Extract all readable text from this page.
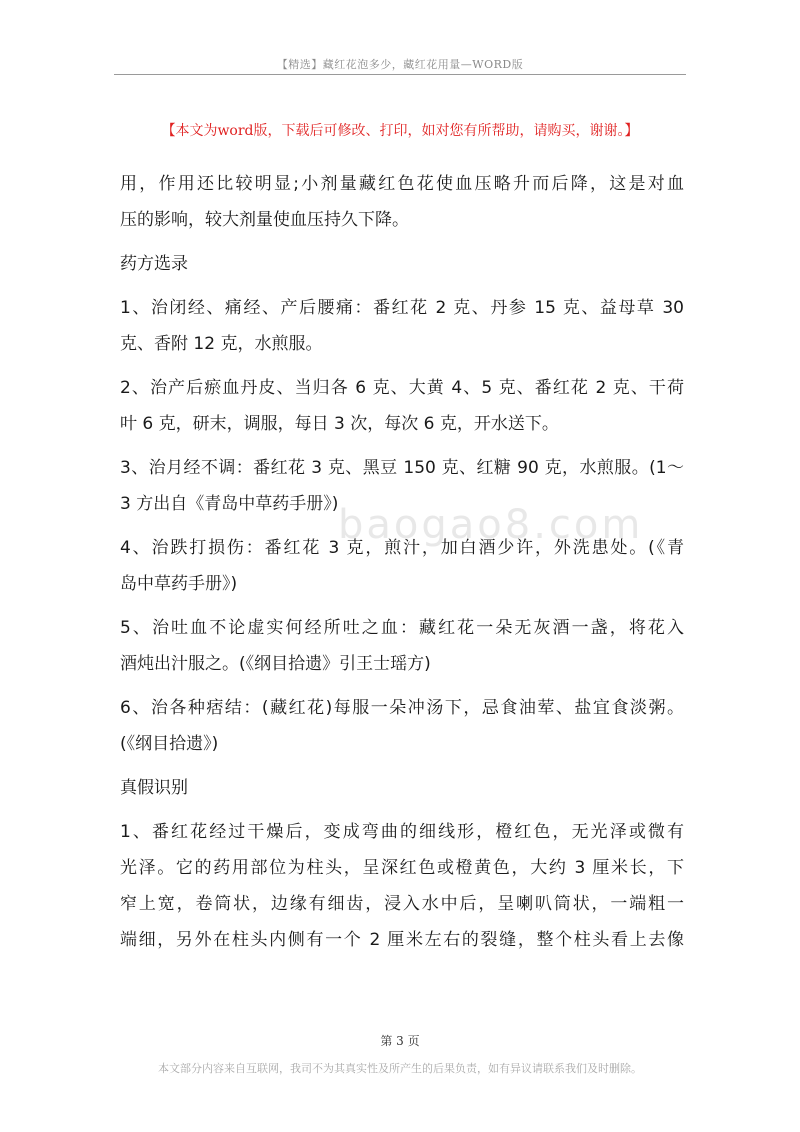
【精选】藏红花泡多少，藏红花用量—WORD版
【本文为word版，下载后可修改、打印，如对您有所帮助，请购买，谢谢。】
baogao8.com

用，作用还比较明显;小剂量藏红色花使血压略升而后降，这是对血

压的影响，较大剂量使血压持久下降。

药方选录

1、治闭经、痛经、产后腰痛：番红花 2 克、丹参 15 克、益母草 30

克、香附 12 克，水煎服。

2、治产后瘀血丹皮、当归各 6 克、大黄 4、5 克、番红花 2 克、干荷

叶 6 克，研末，调服，每日 3 次，每次 6 克，开水送下。

3、治月经不调：番红花 3 克、黑豆 150 克、红糖 90 克，水煎服。(1～

3 方出自《青岛中草药手册》)

4、治跌打损伤：番红花 3 克，煎汁，加白酒少许，外洗患处。(《青

岛中草药手册》)

5、治吐血不论虚实何经所吐之血：藏红花一朵无灰酒一盏，将花入

酒炖出汁服之。(《纲目拾遗》引王士瑶方)

6、治各种痞结：(藏红花)每服一朵冲汤下，忌食油荤、盐宜食淡粥。

(《纲目拾遗》)

真假识别

1、番红花经过干燥后，变成弯曲的细线形，橙红色，无光泽或微有

光泽。它的药用部位为柱头，呈深红色或橙黄色，大约 3 厘米长，下

窄上宽，卷筒状，边缘有细齿，浸入水中后，呈喇叭筒状，一端粗一

端细，另外在柱头内侧有一个 2 厘米左右的裂缝，整个柱头看上去像

第 3 页
本文部分内容来自互联网，我司不为其真实性及所产生的后果负责，如有异议请联系我们及时删除。
